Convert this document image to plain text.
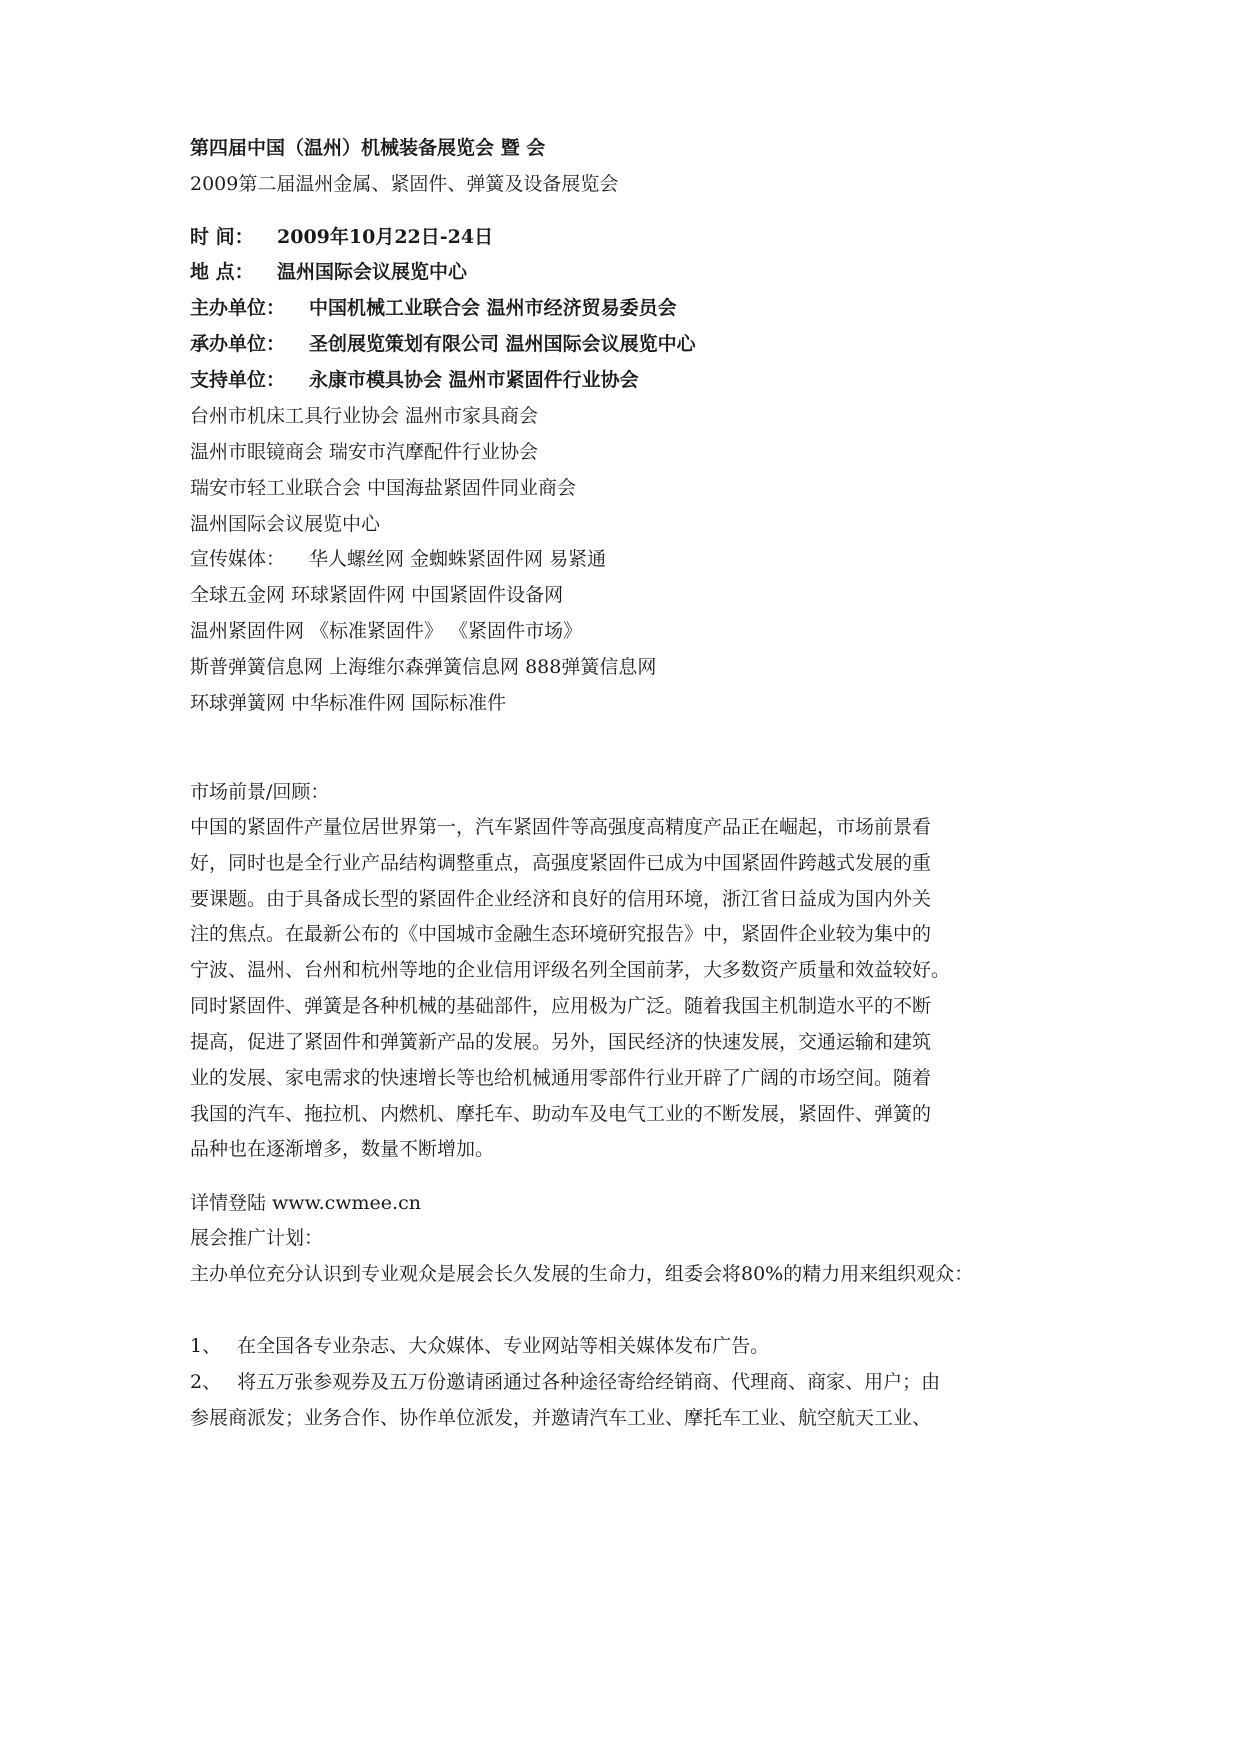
第四届中国（温州）机械装备展览会 暨 会
2009第二届温州金属、紧固件、弹簧及设备展览会
时 间： 2009年10月22日-24日
地 点： 温州国际会议展览中心
主办单位： 中国机械工业联合会 温州市经济贸易委员会
承办单位： 圣创展览策划有限公司 温州国际会议展览中心
支持单位： 永康市模具协会 温州市紧固件行业协会
台州市机床工具行业协会 温州市家具商会
温州市眼镜商会 瑞安市汽摩配件行业协会
瑞安市轻工业联合会 中国海盐紧固件同业商会
温州国际会议展览中心
宣传媒体： 华人螺丝网 金蜘蛛紧固件网 易紧通
全球五金网 环球紧固件网 中国紧固件设备网
温州紧固件网 《标准紧固件》 《紧固件市场》
斯普弹簧信息网 上海维尔森弹簧信息网 888弹簧信息网
环球弹簧网 中华标准件网 国际标准件
市场前景/回顾：
中国的紧固件产量位居世界第一，汽车紧固件等高强度高精度产品正在崛起，市场前景看
好，同时也是全行业产品结构调整重点，高强度紧固件已成为中国紧固件跨越式发展的重
要课题。由于具备成长型的紧固件企业经济和良好的信用环境，浙江省日益成为国内外关
注的焦点。在最新公布的《中国城市金融生态环境研究报告》中，紧固件企业较为集中的
宁波、温州、台州和杭州等地的企业信用评级名列全国前茅，大多数资产质量和效益较好。
同时紧固件、弹簧是各种机械的基础部件，应用极为广泛。随着我国主机制造水平的不断
提高，促进了紧固件和弹簧新产品的发展。另外，国民经济的快速发展，交通运输和建筑
业的发展、家电需求的快速增长等也给机械通用零部件行业开辟了广阔的市场空间。随着
我国的汽车、拖拉机、内燃机、摩托车、助动车及电气工业的不断发展，紧固件、弹簧的
品种也在逐渐增多，数量不断增加。
详情登陆 www.cwmee.cn
展会推广计划：
主办单位充分认识到专业观众是展会长久发展的生命力，组委会将80%的精力用来组织观众：
1、 在全国各专业杂志、大众媒体、专业网站等相关媒体发布广告。
2、 将五万张参观券及五万份邀请函通过各种途径寄给经销商、代理商、商家、用户；由
参展商派发；业务合作、协作单位派发，并邀请汽车工业、摩托车工业、航空航天工业、
